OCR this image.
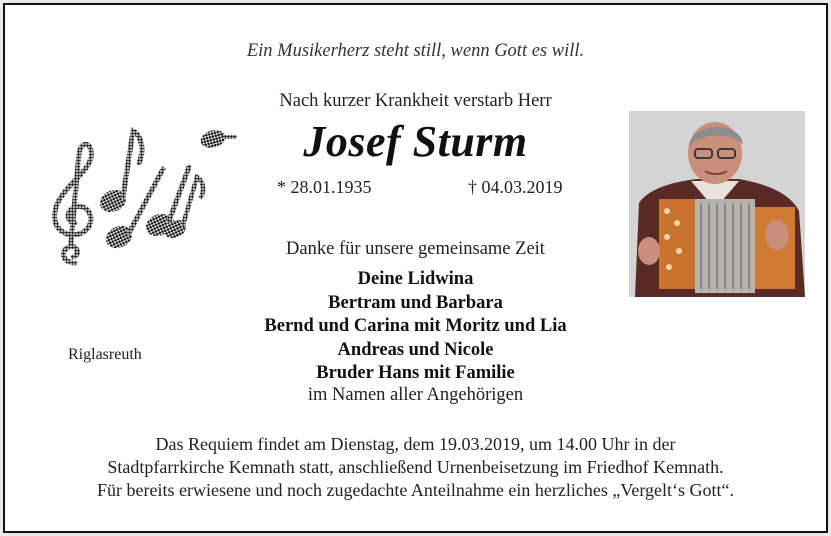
Ein Musikerherz steht still, wenn Gott es will.
Nach kurzer Krankheit verstarb Herr
Josef Sturm
* 28.01.1935	† 04.03.2019
Danke für unsere gemeinsame Zeit
Deine Lidwina
Bertram und Barbara
Bernd und Carina mit Moritz und Lia
Andreas und Nicole
Bruder Hans mit Familie
im Namen aller Angehörigen
Riglasreuth
Das Requiem findet am Dienstag, dem 19.03.2019, um 14.00 Uhr in der
Stadtpfarrkirche Kemnath statt, anschließend Urnenbeisetzung im Friedhof Kemnath.
Für bereits erwiesene und noch zugedachte Anteilnahme ein herzliches „Vergelt‘s Gott“.
